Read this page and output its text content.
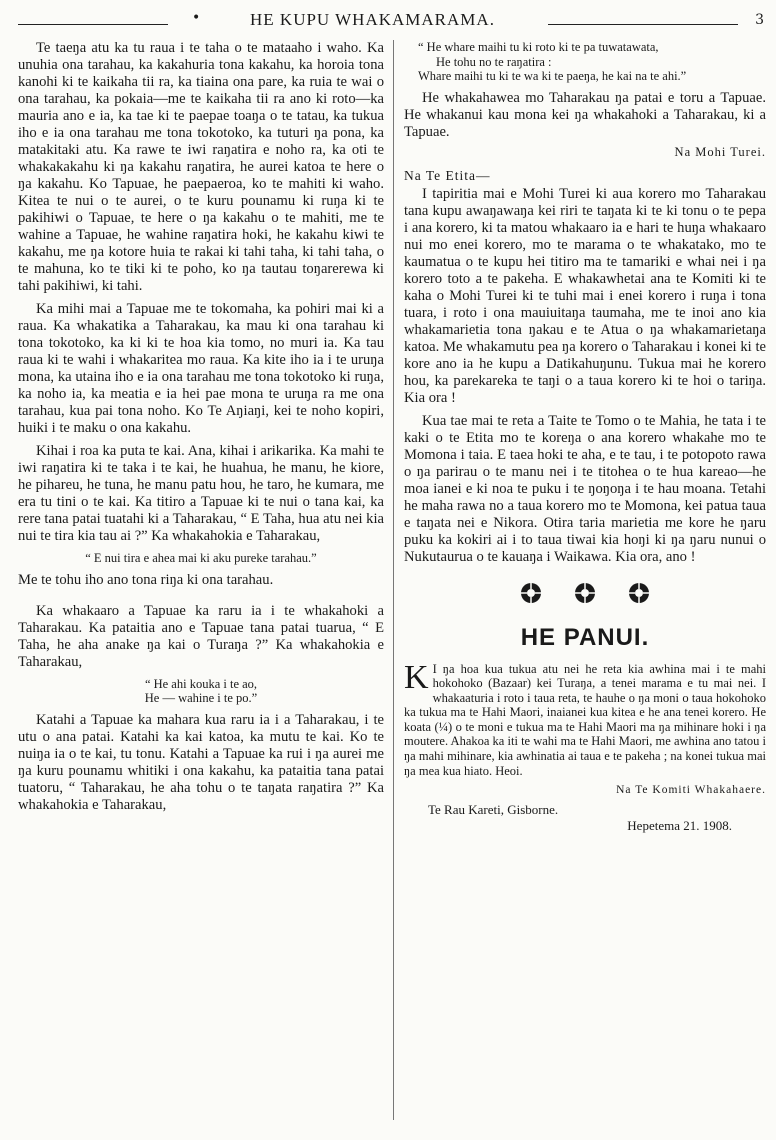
•	HE KUPU WHAKAMARAMA.	3

Te taeŋa atu ka tu raua i te taha o te mataaho i waho. Ka unuhia ona tarahau, ka kakahuria tona kakahu, ka horoia tona kanohi ki te kaikaha tii ra, ka tiaina ona pare, ka ruia te wai o ona tarahau, ka pokaia—me te kaikaha tii ra ano ki roto—ka mauria ano e ia, ka tae ki te paepae toaŋa o te tatau, ka tukua iho e ia ona tarahau me tona tokotoko, ka tuturi ŋa pona, ka matakitaki atu. Ka rawe te iwi raŋatira e noho ra, ka oti te whakakakahu ki ŋa kakahu raŋatira, he aurei katoa te here o ŋa kakahu. Ko Tapuae, he paepaeroa, ko te mahiti ki waho. Kitea te nui o te aurei, o te kuru pounamu ki ruŋa ki te pakihiwi o Tapuae, te here o ŋa kakahu o te mahiti, me te wahine a Tapuae, he wahine raŋatira hoki, he kakahu kiwi te kakahu, me ŋa kotore huia te rakai ki tahi taha, ki tahi taha, o te mahuna, ko te tiki ki te poho, ko ŋa tautau toŋarerewa ki tahi pakihiwi, ki tahi.

Ka mihi mai a Tapuae me te tokomaha, ka pohiri mai ki a raua. Ka whakatika a Taharakau, ka mau ki ona tarahau ki tona tokotoko, ka ki ki te hoa kia tomo, no muri ia. Ka tau raua ki te wahi i whakaritea mo raua. Ka kite iho ia i te uruŋa mona, ka utaina iho e ia ona tarahau me tona tokotoko ki ruŋa, ka noho ia, ka meatia e ia hei pae mona te uruŋa ra me ona tarahau, kua pai tona noho. Ko Te Aŋiaŋi, kei te noho kopiri, huiki i te maku o ona kakahu.

Kihai i roa ka puta te kai. Ana, kihai i arikarika. Ka mahi te iwi raŋatira ki te taka i te kai, he huahua, he manu, he kiore, he pihareu, he tuna, he manu patu hou, he taro, he kumara, me era tu tini o te kai. Ka titiro a Tapuae ki te nui o tana kai, ka rere tana patai tuatahi ki a Taharakau, “ E Taha, hua atu nei kia nui te tira kia tau ai ?” Ka whakahokia e Taharakau,

“ E nui tira e ahea mai ki aku pureke tarahau.”

Me te tohu iho ano tona riŋa ki ona tarahau.

Ka whakaaro a Tapuae ka raru ia i te whakahoki a Taharakau. Ka pataitia ano e Tapuae tana patai tuarua, “ E Taha, he aha anake ŋa kai o Turaŋa ?” Ka whakahokia e Taharakau,

“ He ahi kouka i te ao,
He — wahine i te po.”

Katahi a Tapuae ka mahara kua raru ia i a Taharakau, i te utu o ana patai. Katahi ka kai katoa, ka mutu te kai. Ko te nuiŋa ia o te kai, tu tonu. Katahi a Tapuae ka rui i ŋa aurei me ŋa kuru pounamu whitiki i ona kakahu, ka pataitia tana patai tuatoru, “ Taharakau, he aha tohu o te taŋata raŋatira ?” Ka whakahokia e Taharakau,

“ He whare maihi tu ki roto ki te pa tuwatawata,
He tohu no te raŋatira :
Whare maihi tu ki te wa ki te paeŋa, he kai na te ahi.”

He whakahawea mo Taharakau ŋa patai e toru a Tapuae. He whakanui kau mona kei ŋa whakahoki a Taharakau, ki a Tapuae.

Na Mohi Turei.
Na Te Etita—

I tapiritia mai e Mohi Turei ki aua korero mo Taharakau tana kupu awaŋawaŋa kei riri te taŋata ki te ki tonu o te pepa i ana korero, ki ta matou whakaaro ia e hari te huŋa whakaaro nui mo enei korero, mo te marama o te whakatako, mo te kaumatua o te kupu hei titiro ma te tamariki e whai nei i ŋa korero toto a te pakeha. E whakawhetai ana te Komiti ki te kaha o Mohi Turei ki te tuhi mai i enei korero i ruŋa i tona tuara, i roto i ona mauiuitaŋa taumaha, me te inoi ano kia whakamarietia tona ŋakau e te Atua o ŋa whakamarietaŋa katoa. Me whakamutu pea ŋa korero o Taharakau i konei ki te kore ano ia he kupu a Datikahuŋunu. Tukua mai he korero hou, ka parekareka te taŋi o a taua korero ki te hoi o tariŋa. Kia ora !

Kua tae mai te reta a Taite te Tomo o te Mahia, he tata i te kaki o te Etita mo te koreŋa o ana korero whakahe mo te Momona i taia. E taea hoki te aha, e te tau, i te potopoto rawa o ŋa parirau o te manu nei i te titohea o te hua kareao—he moa ianei e ki noa te puku i te ŋoŋoŋa i te hau moana. Tetahi he maha rawa no a taua korero mo te Momona, kei patua taua e taŋata nei e Nikora. Otira taria marietia me kore he ŋaru puku ka kokiri ai i to taua tiwai kia hoŋi ki ŋa ŋaru nunui o Nukutaurua o te kauaŋa i Waikawa. Kia ora, ano !

HE PANUI.
K I ŋa hoa kua tukua atu nei he reta kia awhina mai i te mahi hokohoko (Bazaar) kei Turaŋa, a tenei marama e tu mai nei. I whakaaturia i roto i taua reta, te hauhe o ŋa moni o taua hokohoko ka tukua ma te Hahi Maori, inaianei kua kitea e he ana tenei korero. He koata (¼) o te moni e tukua ma te Hahi Maori ma ŋa mihinare hoki i ŋa moutere. Ahakoa ka iti te wahi ma te Hahi Maori, me awhina ano tatou i ŋa mahi mihinare, kia awhinatia ai taua e te pakeha ; na konei tukua mai ŋa mea kua hiato. Heoi.
Na Te Komiti Whakahaere.
Te Rau Kareti, Gisborne.
Hepetema 21. 1908.
